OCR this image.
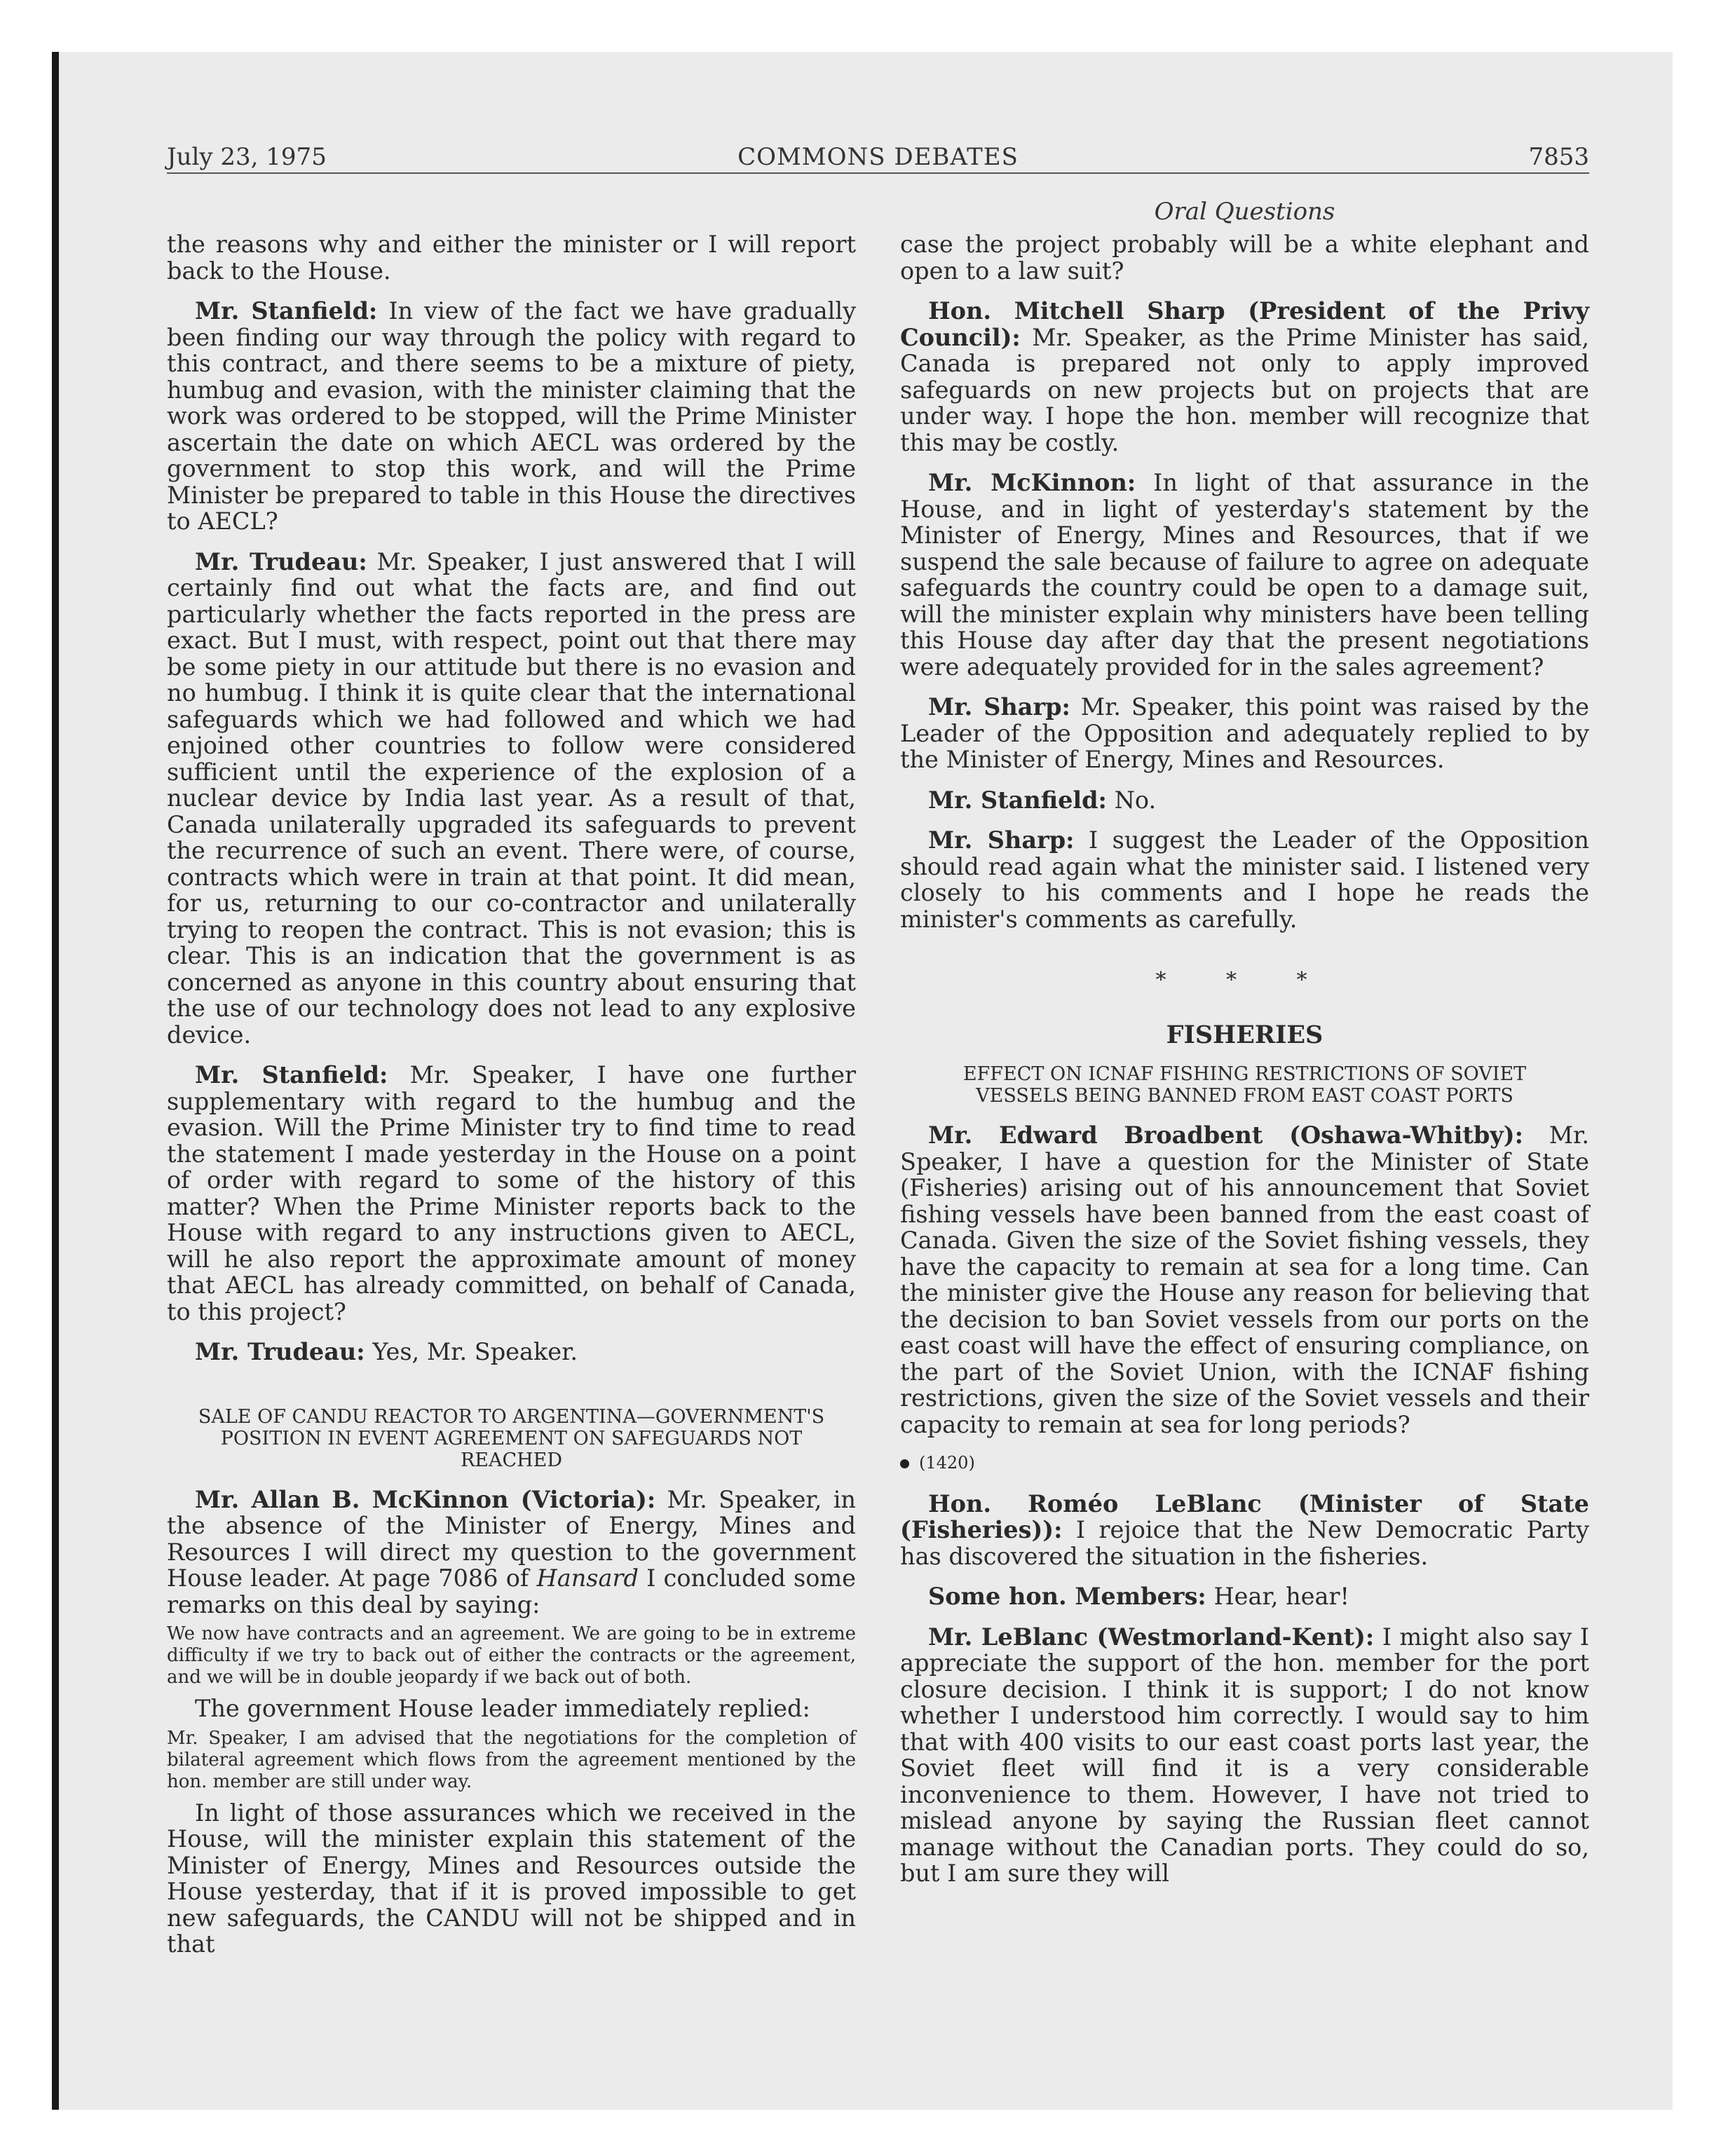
July 23, 1975	COMMONS DEBATES	7853
Oral Questions

the reasons why and either the minister or I will report back to the House.

Mr. Stanfield: In view of the fact we have gradually been finding our way through the policy with regard to this contract, and there seems to be a mixture of piety, humbug and evasion, with the minister claiming that the work was ordered to be stopped, will the Prime Minister ascertain the date on which AECL was ordered by the government to stop this work, and will the Prime Minister be prepared to table in this House the directives to AECL?

Mr. Trudeau: Mr. Speaker, I just answered that I will certainly find out what the facts are, and find out particularly whether the facts reported in the press are exact. But I must, with respect, point out that there may be some piety in our attitude but there is no evasion and no humbug. I think it is quite clear that the international safeguards which we had followed and which we had enjoined other countries to follow were considered sufficient until the experience of the explosion of a nuclear device by India last year. As a result of that, Canada unilaterally upgraded its safeguards to prevent the recurrence of such an event. There were, of course, contracts which were in train at that point. It did mean, for us, returning to our co-contractor and unilaterally trying to reopen the contract. This is not evasion; this is clear. This is an indication that the government is as concerned as anyone in this country about ensuring that the use of our technology does not lead to any explosive device.

Mr. Stanfield: Mr. Speaker, I have one further supplementary with regard to the humbug and the evasion. Will the Prime Minister try to find time to read the statement I made yesterday in the House on a point of order with regard to some of the history of this matter? When the Prime Minister reports back to the House with regard to any instructions given to AECL, will he also report the approximate amount of money that AECL has already committed, on behalf of Canada, to this project?

Mr. Trudeau: Yes, Mr. Speaker.

SALE OF CANDU REACTOR TO ARGENTINA—GOVERNMENT'S POSITION IN EVENT AGREEMENT ON SAFEGUARDS NOT REACHED

Mr. Allan B. McKinnon (Victoria): Mr. Speaker, in the absence of the Minister of Energy, Mines and Resources I will direct my question to the government House leader. At page 7086 of Hansard I concluded some remarks on this deal by saying:

We now have contracts and an agreement. We are going to be in extreme difficulty if we try to back out of either the contracts or the agreement, and we will be in double jeopardy if we back out of both.

The government House leader immediately replied:

Mr. Speaker, I am advised that the negotiations for the completion of bilateral agreement which flows from the agreement mentioned by the hon. member are still under way.

In light of those assurances which we received in the House, will the minister explain this statement of the Minister of Energy, Mines and Resources outside the House yesterday, that if it is proved impossible to get new safeguards, the CANDU will not be shipped and in that

case the project probably will be a white elephant and open to a law suit?

Hon. Mitchell Sharp (President of the Privy Council): Mr. Speaker, as the Prime Minister has said, Canada is prepared not only to apply improved safeguards on new projects but on projects that are under way. I hope the hon. member will recognize that this may be costly.

Mr. McKinnon: In light of that assurance in the House, and in light of yesterday's statement by the Minister of Energy, Mines and Resources, that if we suspend the sale because of failure to agree on adequate safeguards the country could be open to a damage suit, will the minister explain why ministers have been telling this House day after day that the present negotiations were adequately provided for in the sales agreement?

Mr. Sharp: Mr. Speaker, this point was raised by the Leader of the Opposition and adequately replied to by the Minister of Energy, Mines and Resources.

Mr. Stanfield: No.

Mr. Sharp: I suggest the Leader of the Opposition should read again what the minister said. I listened very closely to his comments and I hope he reads the minister's comments as carefully.

* * *

FISHERIES

EFFECT ON ICNAF FISHING RESTRICTIONS OF SOVIET VESSELS BEING BANNED FROM EAST COAST PORTS

Mr. Edward Broadbent (Oshawa-Whitby): Mr. Speaker, I have a question for the Minister of State (Fisheries) arising out of his announcement that Soviet fishing vessels have been banned from the east coast of Canada. Given the size of the Soviet fishing vessels, they have the capacity to remain at sea for a long time. Can the minister give the House any reason for believing that the decision to ban Soviet vessels from our ports on the east coast will have the effect of ensuring compliance, on the part of the Soviet Union, with the ICNAF fishing restrictions, given the size of the Soviet vessels and their capacity to remain at sea for long periods?

(1420)

Hon. Roméo LeBlanc (Minister of State (Fisheries)): I rejoice that the New Democratic Party has discovered the situation in the fisheries.

Some hon. Members: Hear, hear!

Mr. LeBlanc (Westmorland-Kent): I might also say I appreciate the support of the hon. member for the port closure decision. I think it is support; I do not know whether I understood him correctly. I would say to him that with 400 visits to our east coast ports last year, the Soviet fleet will find it is a very considerable inconvenience to them. However, I have not tried to mislead anyone by saying the Russian fleet cannot manage without the Canadian ports. They could do so, but I am sure they will
